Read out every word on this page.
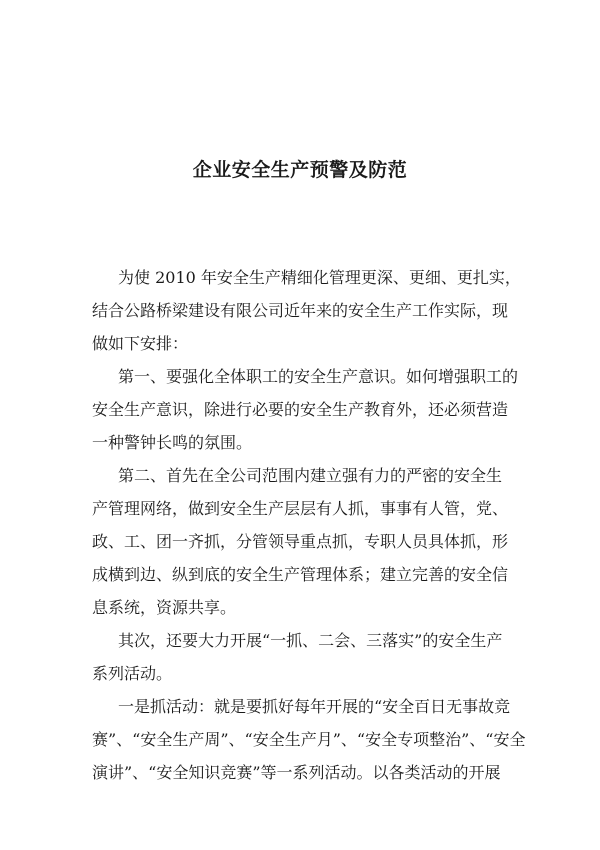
企业安全生产预警及防范

为使 2010 年安全生产精细化管理更深、更细、更扎实，

结合公路桥梁建设有限公司近年来的安全生产工作实际，现

做如下安排：

第一、要强化全体职工的安全生产意识。如何增强职工的

安全生产意识，除进行必要的安全生产教育外，还必须营造

一种警钟长鸣的氛围。

第二、首先在全公司范围内建立强有力的严密的安全生

产管理网络，做到安全生产层层有人抓，事事有人管，党、

政、工、团一齐抓，分管领导重点抓，专职人员具体抓，形

成横到边、纵到底的安全生产管理体系；建立完善的安全信

息系统，资源共享。

其次，还要大力开展“一抓、二会、三落实”的安全生产

系列活动。

一是抓活动：就是要抓好每年开展的“安全百日无事故竞

赛”、“安全生产周”、“安全生产月”、“安全专项整治”、“安全

演讲”、“安全知识竞赛”等一系列活动。以各类活动的开展
